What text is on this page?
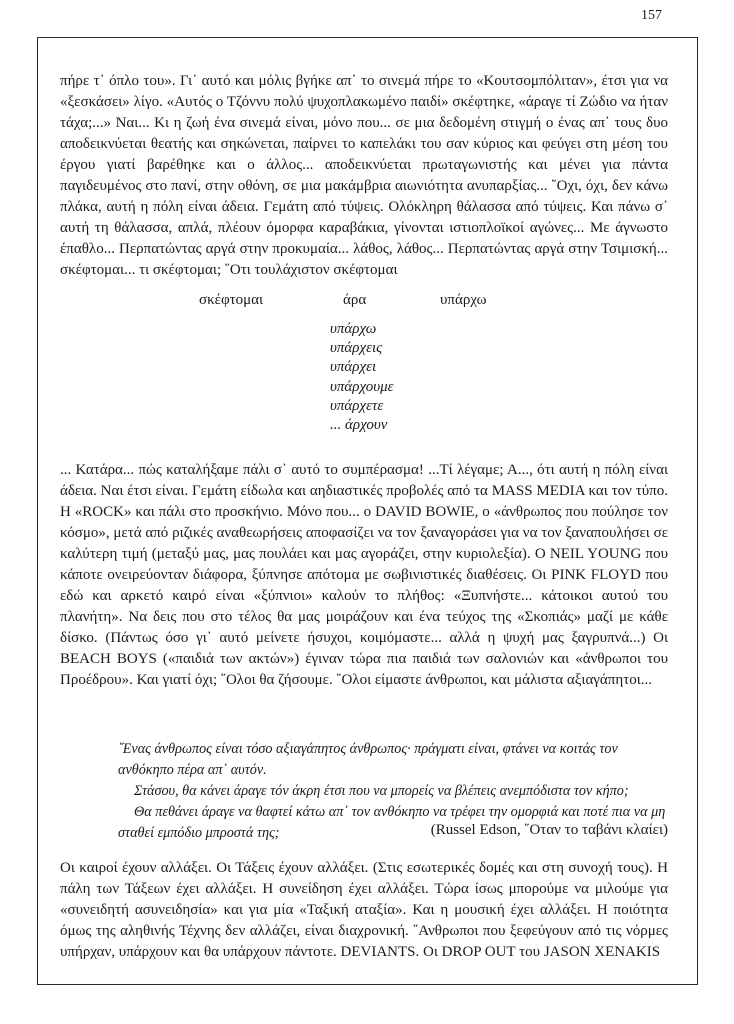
157

πήρε τ᾿ όπλο του». Γι᾿ αυτό και μόλις βγήκε απ᾿ το σινεμά πήρε το «Κουτσομπόλιταν», έτσι για να «ξεσκάσει» λίγο. «Αυτός ο Τζόννυ πολύ ψυχοπλακωμένο παιδί» σκέφτηκε, «άραγε τί Ζώδιο να ήταν τάχα;...» Ναι... Κι η ζωή ένα σινεμά είναι, μόνο που... σε μια δεδομένη στιγμή ο ένας απ᾿ τους δυο αποδεικνύεται θεατής και σηκώνεται, παίρνει το καπελάκι του σαν κύριος και φεύγει στη μέση του έργου γιατί βαρέθηκε και ο άλλος... αποδεικνύεται πρωταγωνιστής και μένει για πάντα παγιδευμένος στο πανί, στην οθόνη, σε μια μακάμβρια αιωνιότητα ανυπαρξίας... ῞Οχι, όχι, δεν κάνω πλάκα, αυτή η πόλη είναι άδεια. Γεμάτη από τύψεις. Ολόκληρη θάλασσα από τύψεις. Και πάνω σ᾿ αυτή τη θάλασσα, απλά, πλέουν όμορφα καραβάκια, γίνονται ιστιοπλοϊκοί αγώνες... Με άγνωστο έπαθλο... Περπατώντας αργά στην προκυμαία... λάθος, λάθος... Περπατώντας αργά στην Τσιμισκή... σκέφτομαι... τι σκέφτομαι; ῞Οτι τουλάχιστον σκέφτομαι

σκέφτομαι	άρα	υπάρχω
υπάρχω
υπάρχεις
υπάρχει
υπάρχουμε
υπάρχετε
... άρχουν

... Κατάρα... πώς καταλήξαμε πάλι σ᾿ αυτό το συμπέρασμα! ...Τί λέγαμε; Α..., ότι αυτή η πόλη είναι άδεια. Ναι έτσι είναι. Γεμάτη είδωλα και αηδιαστικές προβολές από τα MASS MEDIA και τον τύπο. Η «ROCK» και πάλι στο προσκήνιο. Μόνο που... ο DAVID BOWIE, ο «άνθρωπος που πούλησε τον κόσμο», μετά από ριζικές αναθεωρήσεις αποφασίζει να τον ξαναγοράσει για να τον ξαναπουλήσει σε καλύτερη τιμή (μεταξύ μας, μας πουλάει και μας αγοράζει, στην κυριολεξία). Ο NEIL YOUNG που κάποτε ονειρεύονταν διάφορα, ξύπνησε απότομα με σωβινιστικές διαθέσεις. Οι PINK FLOYD που εδώ και αρκετό καιρό είναι «ξύπνιοι» καλούν το πλήθος: «Ξυπνήστε... κάτοικοι αυτού του πλανήτη». Να δεις που στο τέλος θα μας μοιράζουν και ένα τεύχος της «Σκοπιάς» μαζί με κάθε δίσκο. (Πάντως όσο γι᾿ αυτό μείνετε ήσυχοι, κοιμόμαστε... αλλά η ψυχή μας ξαγρυπνά...) Οι BEACH BOYS («παιδιά των ακτών») έγιναν τώρα πια παιδιά των σαλονιών και «άνθρωποι του Προέδρου». Και γιατί όχι; ῞Ολοι θα ζήσουμε. ῞Ολοι είμαστε άνθρωποι, και μάλιστα αξιαγάπητοι...

῞Ενας άνθρωπος είναι τόσο αξιαγάπητος άνθρωπος· πράγματι είναι, φτάνει να κοιτάς τον ανθόκηπο πέρα απ᾿ αυτόν.

Στάσου, θα κάνει άραγε τόν άκρη έτσι που να μπορείς να βλέπεις ανεμπόδιστα τον κήπο;

Θα πεθάνει άραγε να θαφτεί κάτω απ᾿ τον ανθόκηπο να τρέφει την ομορφιά και ποτέ πια να μη σταθεί εμπόδιο μπροστά της;	(Russel Edson, ῞Οταν το ταβάνι κλαίει)

Οι καιροί έχουν αλλάξει. Οι Τάξεις έχουν αλλάξει. (Στις εσωτερικές δομές και στη συνοχή τους). Η πάλη των Τάξεων έχει αλλάξει. Η συνείδηση έχει αλλάξει. Τώρα ίσως μπορούμε να μιλούμε για «συνειδητή ασυνειδησία» και για μία «Ταξική αταξία». Και η μουσική έχει αλλάξει. Η ποιότητα όμως της αληθινής Τέχνης δεν αλλάζει, είναι διαχρονική. ῞Ανθρωποι που ξεφεύγουν από τις νόρμες υπήρχαν, υπάρχουν και θα υπάρχουν πάντοτε. DEVIANTS. Οι DROP OUT του JASON XENAKIS
